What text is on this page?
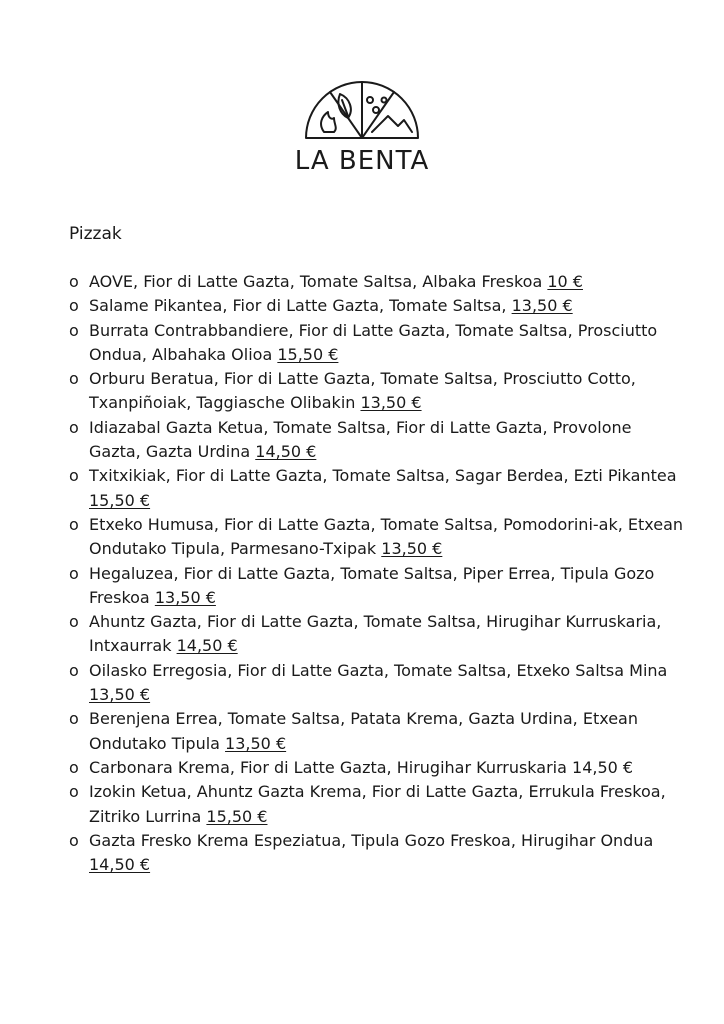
LA BENTA
Pizzak
o AOVE, Fior di Latte Gazta, Tomate Saltsa, Albaka Freskoa 10 €
o Salame Pikantea, Fior di Latte Gazta, Tomate Saltsa, 13,50 €
o Burrata Contrabbandiere, Fior di Latte Gazta, Tomate Saltsa, Prosciutto Ondua, Albahaka Olioa 15,50 €
o Orburu Beratua, Fior di Latte Gazta, Tomate Saltsa, Prosciutto Cotto, Txanpiñoiak, Taggiasche Olibakin 13,50 €
o Idiazabal Gazta Ketua, Tomate Saltsa, Fior di Latte Gazta, Provolone Gazta, Gazta Urdina 14,50 €
o Txitxikiak, Fior di Latte Gazta, Tomate Saltsa, Sagar Berdea, Ezti Pikantea 15,50 €
o Etxeko Humusa, Fior di Latte Gazta, Tomate Saltsa, Pomodorini-ak, Etxean Ondutako Tipula, Parmesano-Txipak 13,50 €
o Hegaluzea, Fior di Latte Gazta, Tomate Saltsa, Piper Errea, Tipula Gozo Freskoa 13,50 €
o Ahuntz Gazta, Fior di Latte Gazta, Tomate Saltsa, Hirugihar Kurruskaria, Intxaurrak 14,50 €
o Oilasko Erregosia, Fior di Latte Gazta, Tomate Saltsa, Etxeko Saltsa Mina 13,50 €
o Berenjena Errea, Tomate Saltsa, Patata Krema, Gazta Urdina, Etxean Ondutako Tipula 13,50 €
o Carbonara Krema, Fior di Latte Gazta, Hirugihar Kurruskaria 14,50 €
o Izokin Ketua, Ahuntz Gazta Krema, Fior di Latte Gazta, Errukula Freskoa, Zitriko Lurrina 15,50 €
o Gazta Fresko Krema Espeziatua, Tipula Gozo Freskoa, Hirugihar Ondua 14,50 €
